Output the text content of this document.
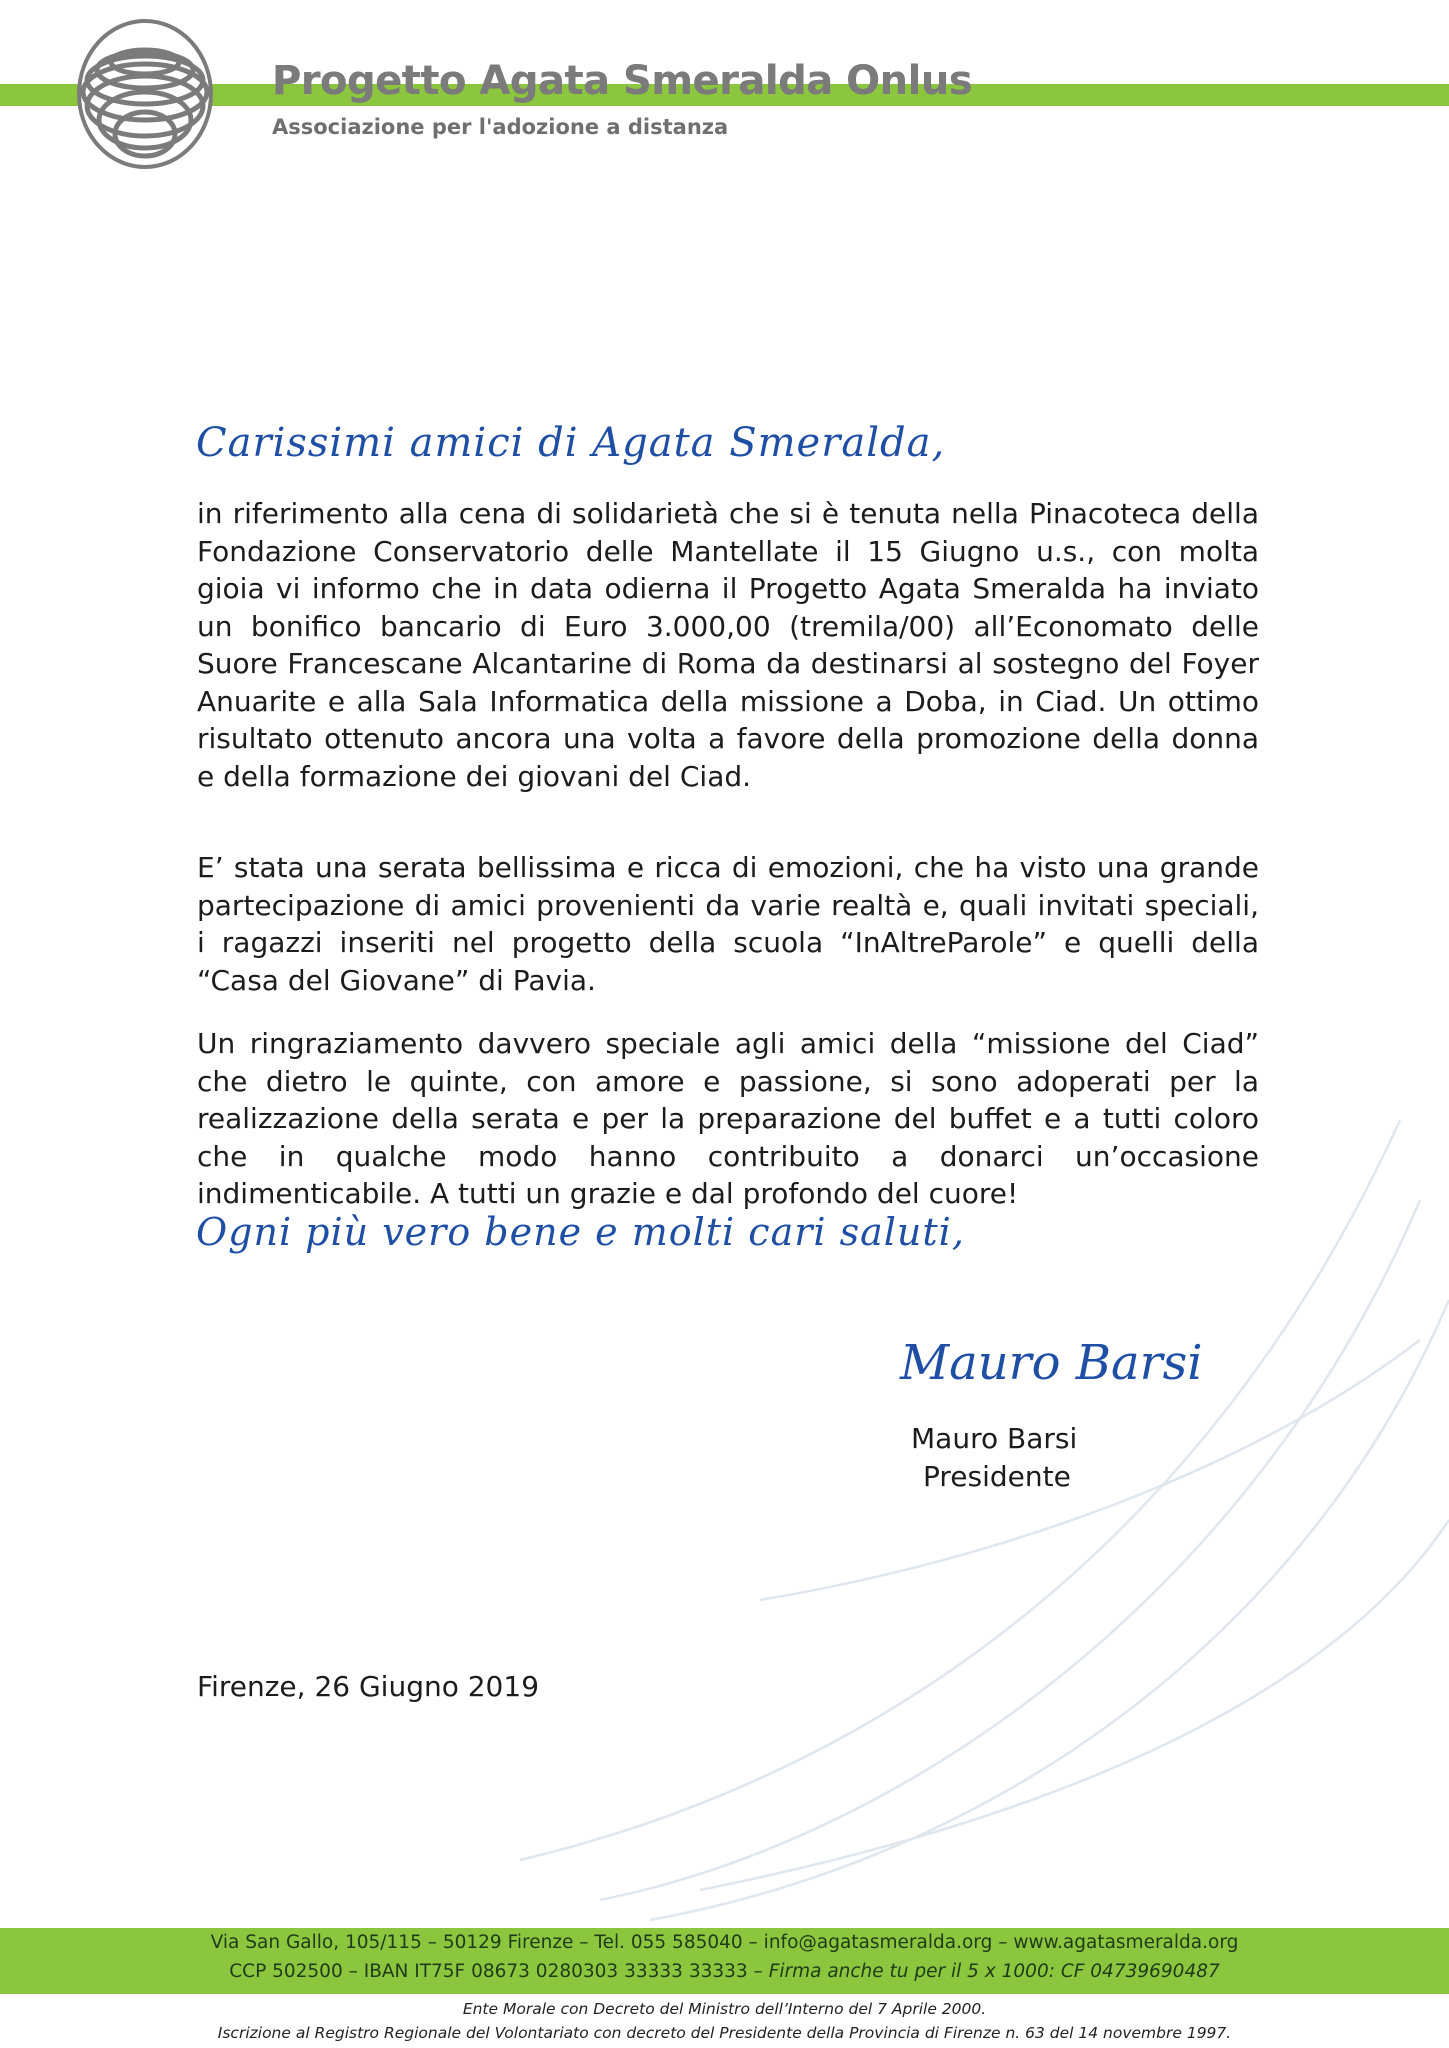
Progetto Agata Smeralda Onlus
Associazione per l'adozione a distanza
Carissimi amici di Agata Smeralda,
in riferimento alla cena di solidarietà che si è tenuta nella Pinacoteca della Fondazione Conservatorio delle Mantellate il 15 Giugno u.s., con molta gioia vi informo che in data odierna il Progetto Agata Smeralda ha inviato un bonifico bancario di Euro 3.000,00 (tremila/00) all’Economato delle Suore Francescane Alcantarine di Roma da destinarsi al sostegno del Foyer Anuarite e alla Sala Informatica della missione a Doba, in Ciad. Un ottimo risultato ottenuto ancora una volta a favore della promozione della donna e della formazione dei giovani del Ciad.
E’ stata una serata bellissima e ricca di emozioni, che ha visto una grande partecipazione di amici provenienti da varie realtà e, quali invitati speciali, i ragazzi inseriti nel progetto della scuola “InAltreParole” e quelli della “Casa del Giovane” di Pavia.
Un ringraziamento davvero speciale agli amici della “missione del Ciad” che dietro le quinte, con amore e passione, si sono adoperati per la realizzazione della serata e per la preparazione del buffet e a tutti coloro che in qualche modo hanno contribuito a donarci un’occasione indimenticabile. A tutti un grazie e dal profondo del cuore!
Ogni più vero bene e molti cari saluti,
Mauro Barsi
Mauro Barsi
Presidente
Firenze, 26 Giugno 2019
Via San Gallo, 105/115 – 50129 Firenze – Tel. 055 585040 – info@agatasmeralda.org – www.agatasmeralda.org
CCP 502500 – IBAN IT75F 08673 0280303 33333 33333 – Firma anche tu per il 5 x 1000: CF 04739690487
Ente Morale con Decreto del Ministro dell’Interno del 7 Aprile 2000.
Iscrizione al Registro Regionale del Volontariato con decreto del Presidente della Provincia di Firenze n. 63 del 14 novembre 1997.
